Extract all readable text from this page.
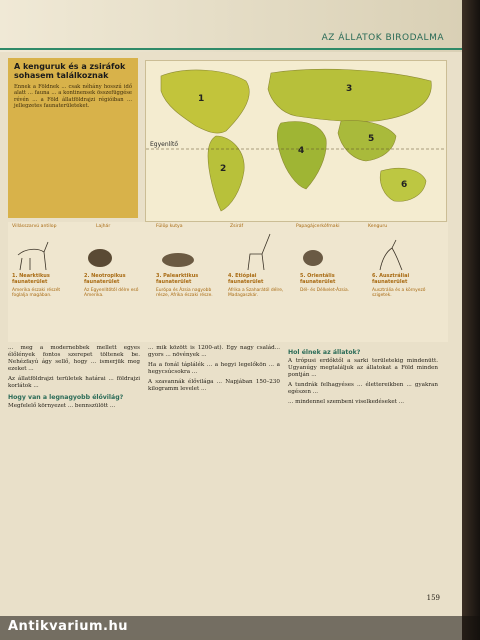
AZ ÁLLATOK BIRODALMA
A kenguruk és a zsiráfok sohasem találkoznak

Ennek a Földnek ... csak néhány hosszú idő alatt ... fauna ... a kontinensek összefüggése révén ... a Föld állatföldrajzi régióiban ... jellegzetes faunaterületeket.

Egyenlítő
1
2
3
4
5
6
Villásszarvú antilop	Lajhár	Fülöp kutya	Zsiráf	Papagájcerkófmaki	Kenguru
1. Nearktikus faunaterület
Amerika északi részét foglalja magában.
2. Neotropikus faunaterület
Az Egyenlítőtől délre eső Amerika.
3. Palearktikus faunaterület
Európa és Ázsia nagyobb része, Afrika északi része.
4. Etiópiai faunaterület
Afrika a Szaharától délre, Madagaszkár.
5. Orientális faunaterület
Dél- és Délkelet-Ázsia.
6. Ausztráliai faunaterület
Ausztrália és a környező szigetek.

... meg a modernebbek mellett egyes élőlények fontos szerepet töltenek be. Nehézfayú ágy sellő, hogy ... ismerjük meg ezeket ...

Az állatföldrajzi területek határai ... földrajzi korlátok ...

Hogy van a legnagyobb élővilág?

Megfelelő környezet ... bennszülött ...

... mik között is 1200-at). Egy nagy család... gyors ... növények ...

Ha a fonál táplálék ... a hegyi legelőkön ... a hegycsúcsokra ...

A szavannák élővilága ... Napjában 150–230 kilogramm levelet ...

Hol élnek az állatok?

A trópusi erdőktől a sarki területekig mindenütt. Ugyanúgy megtaláljuk az állatokat a Föld minden pontján ...

A tundrák felhagyéses ... élettereikben ... gyakran egészen ...

... mindennel szembeni viselkedéseket ...

159
Antikvarium.hu
